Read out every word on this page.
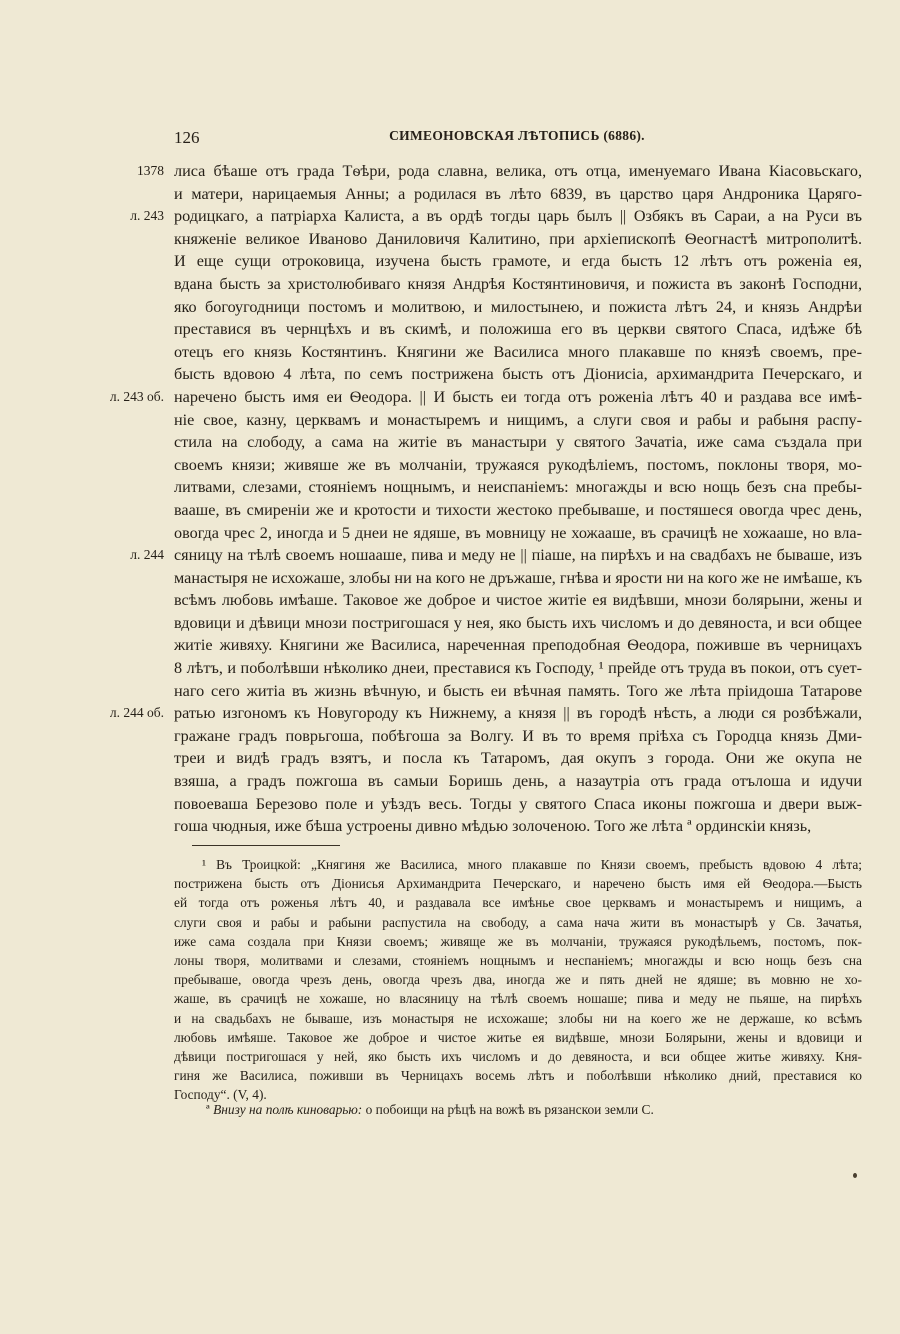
126	СИМЕОНОВСКАЯ ЛѢТОПИСЬ (6886).
1378 лиса бѣаше отъ града Тѳѣри, рода славна, велика, отъ отца, именуемаго Ивана Кiасовьскаго,
и матери, нарицаемыя Анны; а родилася въ лѣто 6839, въ царство царя Андроника Царяго-
л. 243 родицкаго, а патрiарха Калиста, а въ ордѣ тогды царь былъ || Озбякъ въ Сараи, а на Руси въ
княженiе великое Иваново Даниловичя Калитино, при архiепископѣ Ѳеогнастѣ митрополитѣ.
И еще сущи отроковица, изучена бысть грамоте, и егда бысть 12 лѣтъ отъ роженiа ея,
вдана бысть за христолюбиваго князя Андрѣя Костянтиновичя, и пожиста въ законѣ Господни,
яко богоугодници постомъ и молитвою, и милостынею, и пожиста лѣтъ 24, и князь Андрѣи
преставися въ чернцѣхъ и въ скимѣ, и положиша его въ церкви святого Спаса, идѣже бѣ
отецъ его князь Костянтинъ. Княгини же Василиса много плакавше по князѣ своемъ, пре-
бысть вдовою 4 лѣта, по семъ пострижена бысть отъ Дiонисiа, архимандрита Печерскаго, и
л. 243 об. наречено бысть имя еи Ѳеодора. || И бысть еи тогда отъ роженiа лѣтъ 40 и раздава все имѣ-
нiе свое, казну, церквамъ и монастыремъ и нищимъ, а слуги своя и рабы и рабыня распу-
стила на слободу, а сама на житiе въ манастыри у святого Зачатiа, иже сама създала при
своемъ князи; живяше же въ молчанiи, тружаяся рукодѣлiемъ, постомъ, поклоны творя, мо-
литвами, слезами, стоянiемъ нощнымъ, и неиспанiемъ: многажды и всю нощь безъ сна пребы-
вааше, въ смиренiи же и кротости и тихости жестоко пребываше, и постяшеся овогда чрес день,
овогда чрес 2, иногда и 5 днеи не ядяше, въ мовницу не хожааше, въ срачицѣ не хожааше, но вла-
л. 244 сяницу на тѣлѣ своемъ ношааше, пива и меду не || пiаше, на пирѣхъ и на свадбахъ не бываше, изъ
манастыря не исхожаше, злобы ни на кого не дръжаше, гнѣва и ярости ни на кого же не имѣаше, къ
всѣмъ любовь имѣаше. Таковое же доброе и чистое житiе ея видѣвши, мнози болярыни, жены и
вдовици и дѣвици мнози постригошася у нея, яко бысть ихъ числомъ и до девяноста, и вси общее
житiе живяху. Княгини же Василиса, нареченная преподобная Ѳеодора, поживше въ черницахъ
8 лѣтъ, и поболѣвши нѣколико днеи, преставися къ Господу, ¹ прейде отъ труда въ покои, отъ сует-
наго сего житiа въ жизнь вѣчную, и бысть еи вѣчная память. Того же лѣта прiидоша Татарове
л. 244 об. ратью изгономъ къ Новугороду къ Нижнему, а князя || въ городѣ нѣсть, а люди ся розбѣжали,
гражане градъ поврьгоша, побѣгоша за Волгу. И въ то время прiѣха съ Городца князь Дми-
треи и видѣ градъ взятъ, и посла къ Татаромъ, дая окупъ з города. Они же окупа не
взяша, а градъ пожгоша въ самыи Боришь день, а назаутрiа отъ града отълоша и идучи
повоеваша Березово поле и уѣздъ весь. Тогды у святого Спаса иконы пожгоша и двери выж-
гоша чюдныя, иже бѣша устроены дивно мѣдью золоченою. Того же лѣта ª ординскiи князь,
¹ Въ Троицкой: „Княгиня же Василиса, много плакавше по Князи своемъ, пребысть вдовою 4 лѣта;
пострижена бысть отъ Дiонисья Архимандрита Печерскаго, и наречено бысть имя ей Ѳеодора.—Бысть
ей тогда отъ роженья лѣтъ 40, и раздавала все имѣнье свое церквамъ и монастыремъ и нищимъ, а
слуги своя и рабы и рабыни распустила на свободу, а сама нача жити въ монастырѣ у Св. Зачатья,
иже сама создала при Князи своемъ; живяще же въ молчанiи, тружаяся рукодѣльемъ, постомъ, пок-
лоны творя, молитвами и слезами, стоянiемъ нощнымъ и неспанiемъ; многажды и всю нощь безъ сна
пребываше, овогда чрезъ день, овогда чрезъ два, иногда же и пять дней не ядяше; въ мовню не хо-
жаше, въ срачицѣ не хожаше, но власяницу на тѣлѣ своемъ ношаше; пива и меду не пьяше, на пирѣхъ
и на свадьбахъ не бываше, изъ монастыря не исхожаше; злобы ни на коего же не держаше, ко всѣмъ
любовь имѣяше. Таковое же доброе и чистое житье ея видѣвше, мнози Болярыни, жены и вдовици и
дѣвици постригошася у ней, яко бысть ихъ числомъ и до девяноста, и вси общее житье живяху. Кня-
гиня же Василиса, поживши въ Черницахъ восемь лѣтъ и поболѣвши нѣколико дний, преставися ко
Господу“. (V, 4).
ª Внизу на полѣ киноварью: о побоищи на рѣцѣ на вожѣ въ рязанскои земли С.
